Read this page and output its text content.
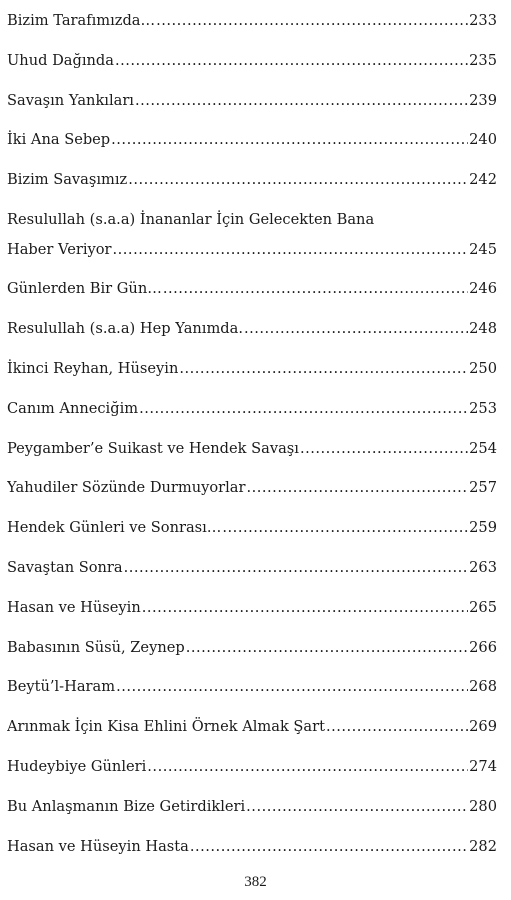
Bizim Tarafımızda… .....	233
Uhud Dağında .....	235
Savaşın Yankıları .....	239
İki Ana Sebep .....	240
Bizim Savaşımız .....	242
Resulullah (s.a.a) İnananlar İçin Gelecekten Bana
Haber Veriyor .....	245
Günlerden Bir Gün… .....	246
Resulullah (s.a.a) Hep Yanımda. .....	248
İkinci Reyhan, Hüseyin .....	250
Canım Anneciğim .....	253
Peygamber’e Suikast ve Hendek Savaşı .....	254
Yahudiler Sözünde Durmuyorlar .....	257
Hendek Günleri ve Sonrası… .....	259
Savaştan Sonra .....	263
Hasan ve Hüseyin .....	265
Babasının Süsü, Zeynep .....	266
Beytü’l-Haram .....	268
Arınmak İçin Kisa Ehlini Örnek Almak Şart .....	269
Hudeybiye Günleri .....	274
Bu Anlaşmanın Bize Getirdikleri .....	280
Hasan ve Hüseyin Hasta .....	282
382
